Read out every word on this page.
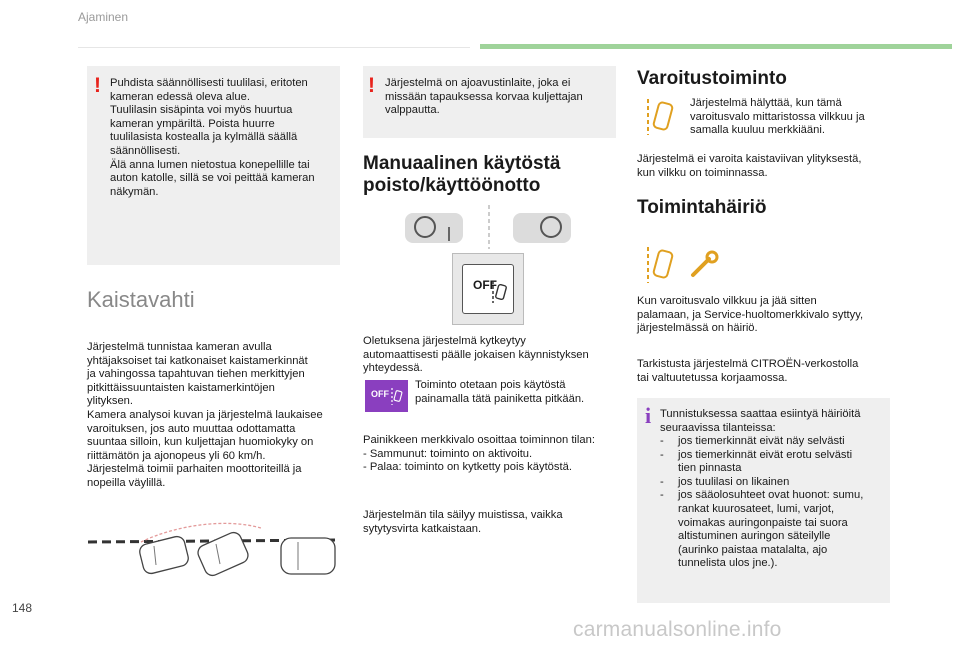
Ajaminen
! Puhdista säännöllisesti tuulilasi, eritoten
kameran edessä oleva alue.
Tuulilasin sisäpinta voi myös huurtua
kameran ympäriltä. Poista huurre
tuulilasista kostealla ja kylmällä säällä
säännöllisesti.
Älä anna lumen nietostua konepellille tai
auton katolle, sillä se voi peittää kameran
näkymän.
Kaistavahti
Järjestelmä tunnistaa kameran avulla
yhtäjaksoiset tai katkonaiset kaistamerkinnät
ja vahingossa tapahtuvan tiehen merkittyjen
pitkittäissuuntaisten kaistamerkintöjen
ylityksen.
Kamera analysoi kuvan ja järjestelmä laukaisee
varoituksen, jos auto muuttaa odottamatta
suuntaa silloin, kun kuljettajan huomiokyky on
riittämätön ja ajonopeus yli 60 km/h.
Järjestelmä toimii parhaiten moottoriteillä ja
nopeilla väylillä.
! Järjestelmä on ajoavustinlaite, joka ei
missään tapauksessa korvaa kuljettajan
valppautta.
Manuaalinen käytöstä
poisto/käyttöönotto
OFF
Oletuksena järjestelmä kytkeytyy
automaattisesti päälle jokaisen käynnistyksen
yhteydessä.
OFF
Toiminto otetaan pois käytöstä
painamalla tätä painiketta pitkään.
Painikkeen merkkivalo osoittaa toiminnon tilan:
- Sammunut: toiminto on aktivoitu.
- Palaa: toiminto on kytketty pois käytöstä.
Järjestelmän tila säilyy muistissa, vaikka
sytytysvirta katkaistaan.
Varoitustoiminto
Järjestelmä hälyttää, kun tämä
varoitusvalo mittaristossa vilkkuu ja
samalla kuuluu merkkiääni.
Järjestelmä ei varoita kaistaviivan ylityksestä,
kun vilkku on toiminnassa.
Toimintahäiriö
Kun varoitusvalo vilkkuu ja jää sitten
palamaan, ja Service-huoltomerkkivalo syttyy,
järjestelmässä on häiriö.
Tarkistusta järjestelmä CITROËN-verkostolla
tai valtuutetussa korjaamossa.
i Tunnistuksessa saattaa esiintyä häiriöitä
seuraavissa tilanteissa:
-	jos tiemerkinnät eivät näy selvästi
-	jos tiemerkinnät eivät erotu selvästi
tien pinnasta
-	jos tuulilasi on likainen
-	jos sääolosuhteet ovat huonot: sumu,
rankat kuurosateet, lumi, varjot,
voimakas auringonpaiste tai suora
altistuminen auringon säteilylle
(aurinko paistaa matalalta, ajo
tunnelista ulos jne.).
148
carmanualsonline.info
